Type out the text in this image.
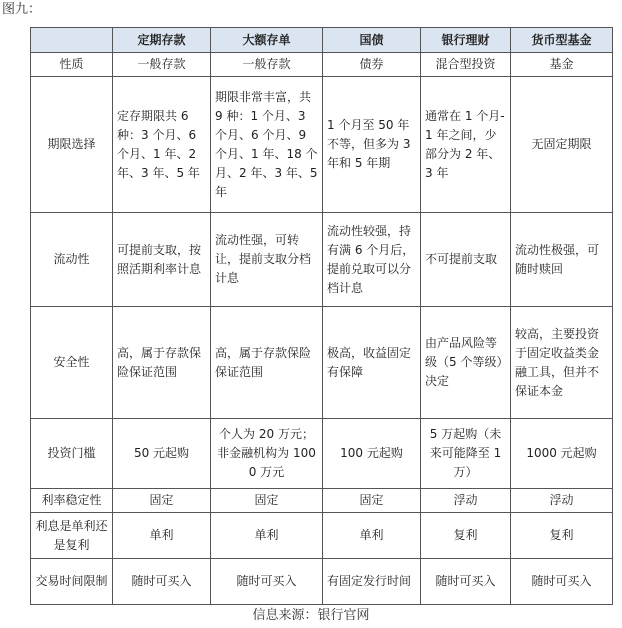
图九：
	定期存款	大额存单	国债	银行理财	货币型基金
性质	一般存款	一般存款	债券	混合型投资	基金
期限选择	定存期限共 6 种：3 个月、6 个月、1 年、2 年、3 年、5 年	期限非常丰富，共 9 种：1 个月、3 个月、6 个月、9 个月、1 年、18 个月、2 年、3 年、5 年	1 个月至 50 年不等，但多为 3 年和 5 年期	通常在 1 个月-1 年之间，少部分为 2 年、3 年	无固定期限
流动性	可提前支取，按照活期利率计息	流动性强，可转让，提前支取分档计息	流动性较强，持有满 6 个月后，提前兑取可以分档计息	不可提前支取	流动性极强，可随时赎回
安全性	高，属于存款保险保证范围	高，属于存款保险保证范围	极高，收益固定有保障	由产品风险等级（5 个等级）决定	较高，主要投资于固定收益类金融工具，但并不保证本金
投资门槛	50 元起购	个人为 20 万元；非金融机构为 1000 万元	100 元起购	5 万起购（未来可能降至 1 万）	1000 元起购
利率稳定性	固定	固定	固定	浮动	浮动
利息是单利还是复利	单利	单利	单利	复利	复利
交易时间限制	随时可买入	随时可买入	有固定发行时间	随时可买入	随时可买入
信息来源：银行官网
